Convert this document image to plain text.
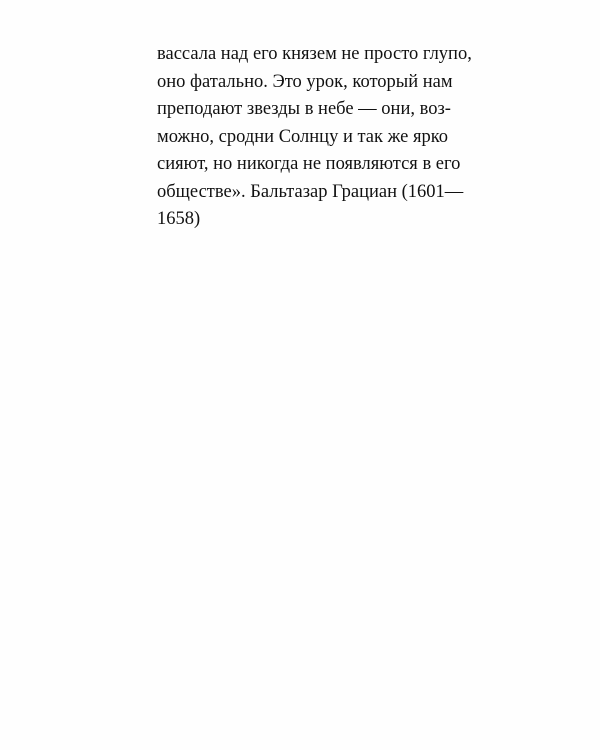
вассала над его князем не просто глупо,
оно фатально. Это урок, который нам
преподают звезды в небе — они, воз-
можно, сродни Солнцу и так же ярко
сияют, но никогда не появляются в его
обществе». Бальтазар Грациан (1601—
1658)
